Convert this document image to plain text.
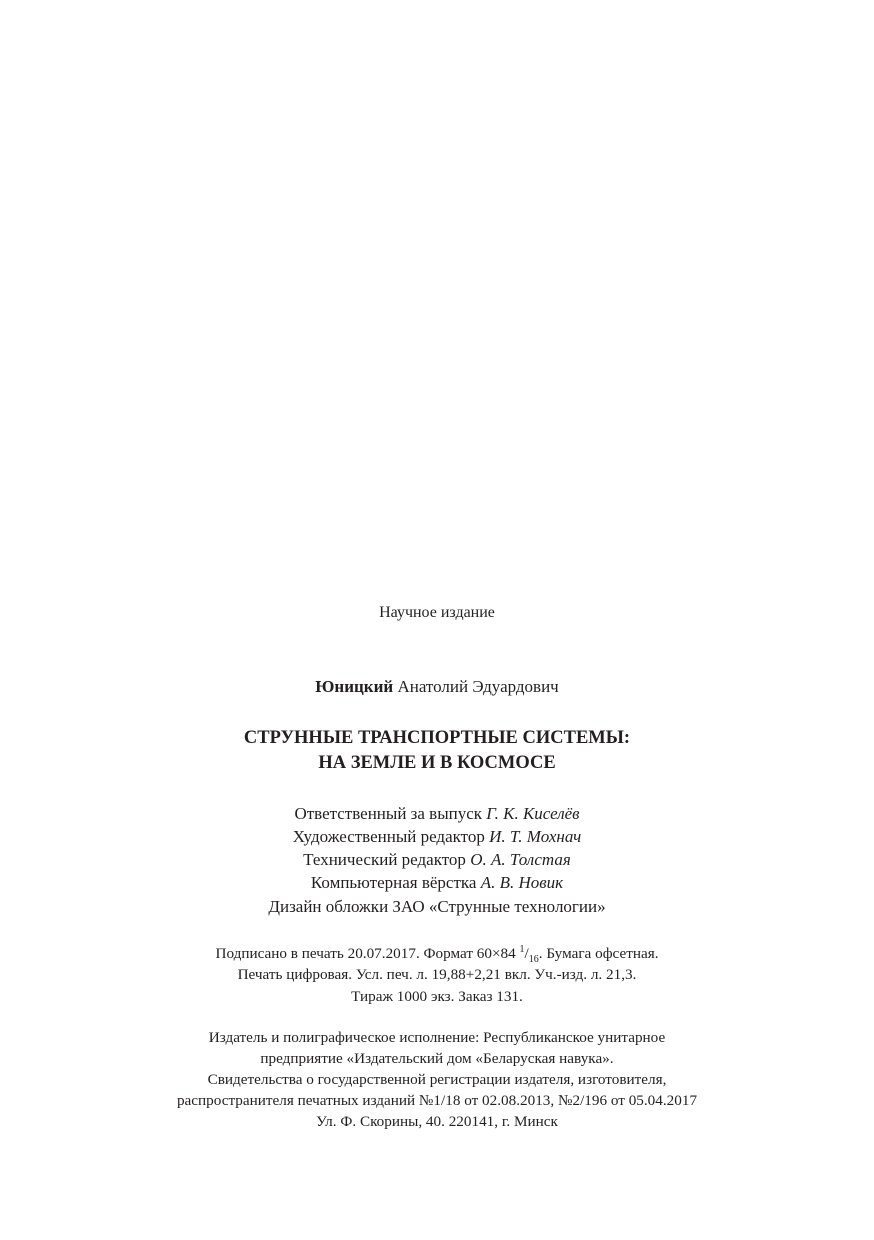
Научное издание
Юницкий Анатолий Эдуардович
СТРУННЫЕ ТРАНСПОРТНЫЕ СИСТЕМЫ:
НА ЗЕМЛЕ И В КОСМОСЕ
Ответственный за выпуск Г. К. Киселёв
Художественный редактор И. Т. Мохнач
Технический редактор О. А. Толстая
Компьютерная вёрстка А. В. Новик
Дизайн обложки ЗАО «Струнные технологии»
Подписано в печать 20.07.2017. Формат 60×84 $^1/_{16}$. Бумага офсетная.
Печать цифровая. Усл. печ. л. 19,88+2,21 вкл. Уч.-изд. л. 21,3.
Тираж 1000 экз. Заказ 131.
Издатель и полиграфическое исполнение: Республиканское унитарное
предприятие «Издательский дом «Беларуская навука».
Свидетельства о государственной регистрации издателя, изготовителя,
распространителя печатных изданий №1/18 от 02.08.2013, №2/196 от 05.04.2017
Ул. Ф. Скорины, 40. 220141, г. Минск
